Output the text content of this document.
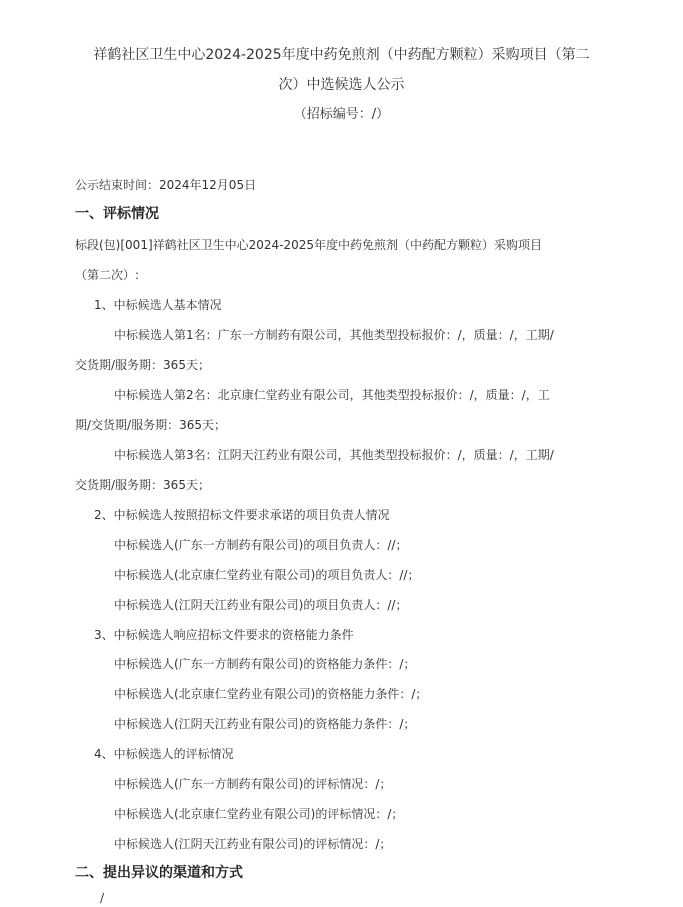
祥鹤社区卫生中心2024-2025年度中药免煎剂（中药配方颗粒）采购项目（第二
次）中选候选人公示
（招标编号：/）
公示结束时间：2024年12月05日
一、评标情况
标段(包)[001]祥鹤社区卫生中心2024-2025年度中药免煎剂（中药配方颗粒）采购项目
（第二次）:
1、中标候选人基本情况
中标候选人第1名：广东一方制药有限公司，其他类型投标报价：/，质量：/，工期/
交货期/服务期：365天；
中标候选人第2名：北京康仁堂药业有限公司，其他类型投标报价：/，质量：/，工
期/交货期/服务期：365天；
中标候选人第3名：江阴天江药业有限公司，其他类型投标报价：/，质量：/，工期/
交货期/服务期：365天；
2、中标候选人按照招标文件要求承诺的项目负责人情况
中标候选人(广东一方制药有限公司)的项目负责人：//；
中标候选人(北京康仁堂药业有限公司)的项目负责人：//；
中标候选人(江阴天江药业有限公司)的项目负责人：//；
3、中标候选人响应招标文件要求的资格能力条件
中标候选人(广东一方制药有限公司)的资格能力条件：/；
中标候选人(北京康仁堂药业有限公司)的资格能力条件：/；
中标候选人(江阴天江药业有限公司)的资格能力条件：/；
4、中标候选人的评标情况
中标候选人(广东一方制药有限公司)的评标情况：/；
中标候选人(北京康仁堂药业有限公司)的评标情况：/；
中标候选人(江阴天江药业有限公司)的评标情况：/；
二、提出异议的渠道和方式
/
